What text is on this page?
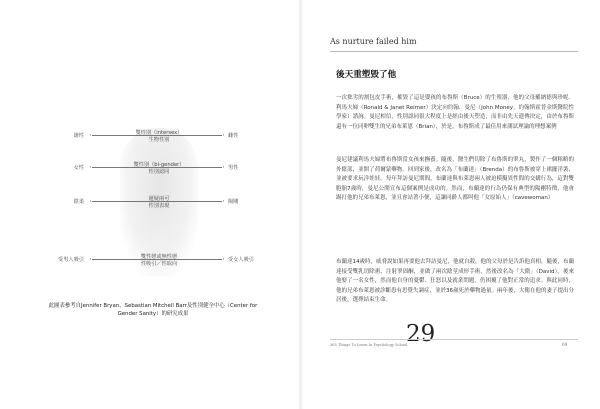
雄性	雙性別（intersex）
生物性別
雌性
女性	雙性別（bi-gender）
性別認同
男性
陰柔	遲疑兩可
性別表現
陽剛
受男人吸引	雙性戀或無性戀
性吸引／性取向
受女人吸引
此圖表參考自Jennifer Bryan、Sebastian Mitchell Barr及性別健全中心（Center for Gender Sanity）的研究成果
As nurture failed him
後天重塑毀了他

一次拙劣的割包皮手術，摧毀了這是嬰孩的布魯斯（Bruce）的生殖器，他的父母羅納德與珍妮．利馬夫婦（Ronald & Janet Reimer）決定向約翰．曼尼（John Money，約翰斯霍普金斯醫院性學家）諮詢。曼尼相信，性別認同很大程度上是經由後天塑造，而非由先天遺傳決定，由於布魯斯還有一位同卵雙生的兄弟布萊恩（Brian），於是，布魯斯成了最佳用來測試理論的理想案例

曼尼建議利馬夫婦將布魯斯當女孩來撫養。隨後，醫生們切除了布魯斯的睪丸，製作了一個粗略的外陰部，並開了荷爾蒙藥物。回到家後，改名為「布蘭達」（Brenda）的布魯斯被穿上裙擺洋裝，並被要求玩洋娃娃。每年拜訪曼尼期間，布蘭達與布萊恩兩人被迫模擬異性間的交媾行為，這對雙胞胎7歲時，曼尼公開宣布這個案例是成功的。然而，布蘭達的行為仍保有典型的陽剛特徵，他會踢打他的兄弟布萊恩，並且會站著小便，這讓同齡人都叫他「女原始人」（cavewoman）

布蘭達14歲時，威脅說如果再要他去拜訪曼尼，他就自殺，他的父母於是告訴他真相。隨後，布蘭達接受雙乳切除術、注射睪固酮，並做了兩次陰莖成形手術，然後改名為「大衛」（David）。後來他娶了一名女性，然而他自身的憂鬱、狂怒以及就業問題，仍困擾了他對正常的追求。與此同時，他的兄弟布萊恩被診斷患有思覺失調症，並於36歲死於藥物過量。兩年後，大衛在他的妻子提出分居後，選擇結束生命。

29
365 Things To Learn In Psychology School	69
